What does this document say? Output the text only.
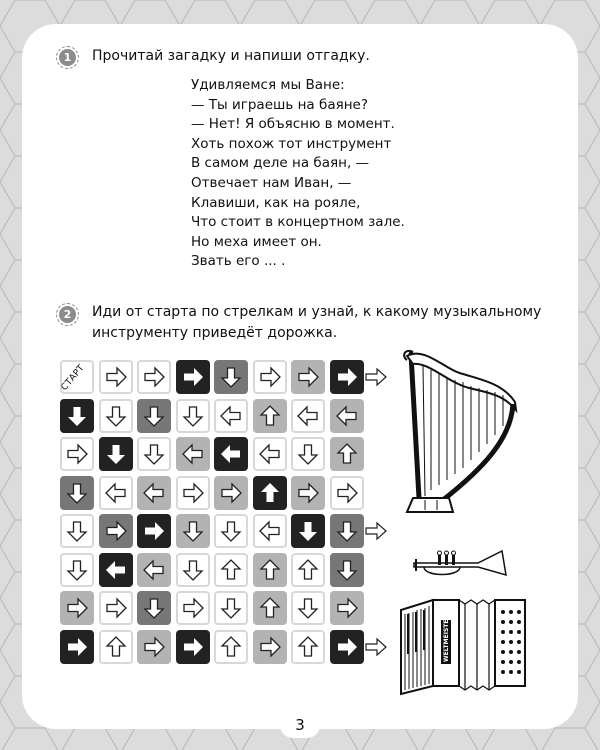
1	Прочитай загадку и напиши отгадку.
Удивляемся мы Ване:
— Ты играешь на баяне?
— Нет! Я объясню в момент.
Хоть похож тот инструмент
В самом деле на баян, —
Отвечает нам Иван, —
Клавиши, как на рояле,
Что стоит в концертном зале.
Но меха имеет он.
Звать его ... .
2	Иди от старта по стрелкам и узнай, к какому музыкальному
инструменту приведёт дорожка.
СТАРТ
WELTMEISTER
3
